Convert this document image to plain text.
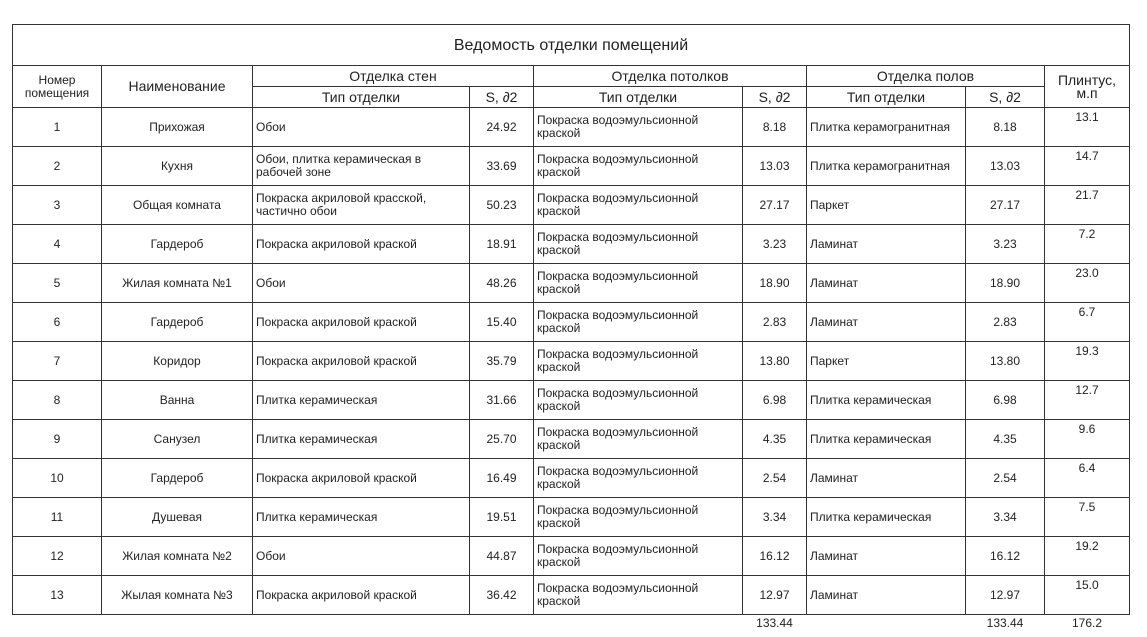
Ведомость отделки помещений								
Номер помещения	Наименование	Отделка стен		Отделка потолков		Отделка полов		Плинтус, м.п
		Тип отделки	S, ∂2	Тип отделки	S, ∂2	Тип отделки	S, ∂2	
1	Прихожая	Обои	24.92	Покраска водоэмульсионной краской	8.18	Плитка керамогранитная	8.18	13.1
2	Кухня	Обои, плитка керамическая в рабочей зоне	33.69	Покраска водоэмульсионной краской	13.03	Плитка керамогранитная	13.03	14.7
3	Общая комната	Покраска акриловой красской, частично обои	50.23	Покраска водоэмульсионной краской	27.17	Паркет	27.17	21.7
4	Гардероб	Покраска акриловой краской	18.91	Покраска водоэмульсионной краской	3.23	Ламинат	3.23	7.2
5	Жилая комната №1	Обои	48.26	Покраска водоэмульсионной краской	18.90	Ламинат	18.90	23.0
6	Гардероб	Покраска акриловой краской	15.40	Покраска водоэмульсионной краской	2.83	Ламинат	2.83	6.7
7	Коридор	Покраска акриловой краской	35.79	Покраска водоэмульсионной краской	13.80	Паркет	13.80	19.3
8	Ванна	Плитка керамическая	31.66	Покраска водоэмульсионной краской	6.98	Плитка керамическая	6.98	12.7
9	Санузел	Плитка керамическая	25.70	Покраска водоэмульсионной краской	4.35	Плитка керамическая	4.35	9.6
10	Гардероб	Покраска акриловой краской	16.49	Покраска водоэмульсионной краской	2.54	Ламинат	2.54	6.4
11	Душевая	Плитка керамическая	19.51	Покраска водоэмульсионной краской	3.34	Плитка керамическая	3.34	7.5
12	Жилая комната №2	Обои	44.87	Покраска водоэмульсионной краской	16.12	Ламинат	16.12	19.2
13	Жылая комната №3	Покраска акриловой краской	36.42	Покраска водоэмульсионной краской	12.97	Ламинат	12.97	15.0
					133.44		133.44	176.2
